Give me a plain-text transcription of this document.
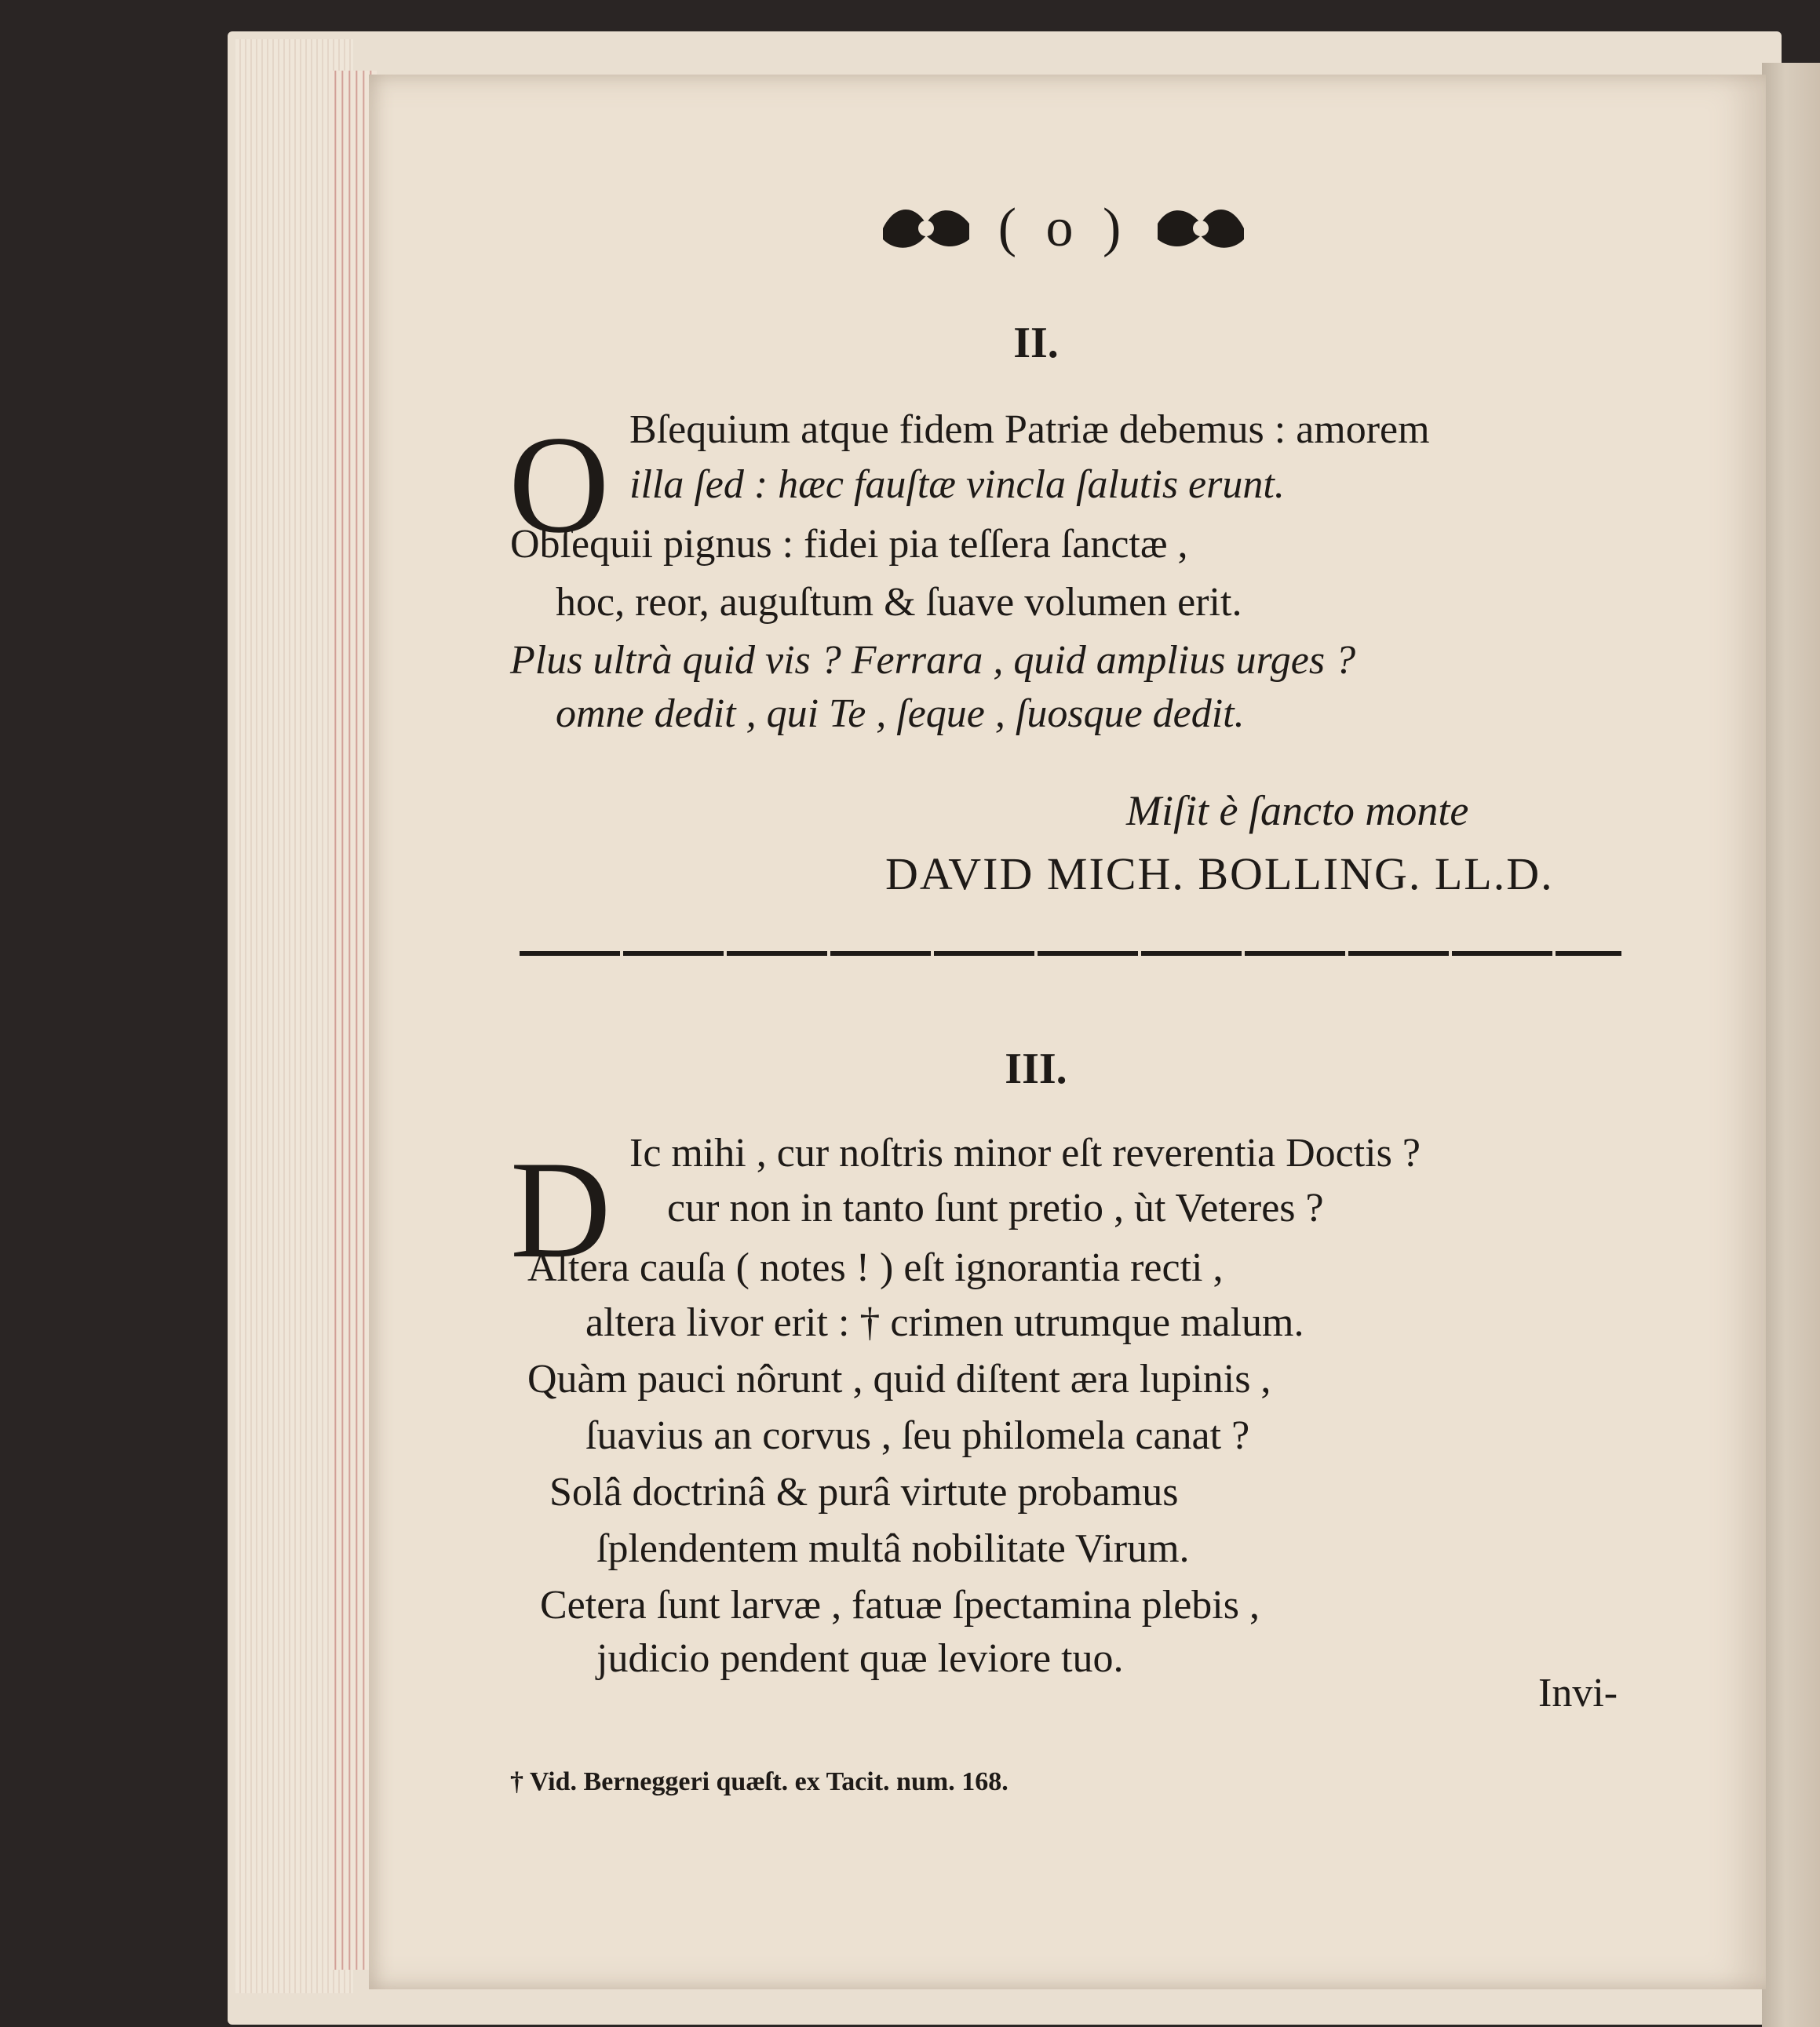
( o )
II.
O Bſequium atque fidem Patriæ debemus : amorem
illa ſed : hæc fauſtæ vincla ſalutis erunt.
Obſequii pignus : fidei pia teſſera ſanctæ ,
hoc, reor, auguſtum & ſuave volumen erit.
Plus ultrà quid vis ? Ferrara , quid amplius urges ?
omne dedit , qui Te , ſeque , ſuosque dedit.
Miſit è ſancto monte
DAVID MICH. BOLLING. LL.D.
III.
D Ic mihi , cur noſtris minor eſt reverentia Doctis ?
cur non in tanto ſunt pretio , ùt Veteres ?
Altera cauſa ( notes ! ) eſt ignorantia recti ,
altera livor erit : † crimen utrumque malum.
Quàm pauci nôrunt , quid diſtent æra lupinis ,
ſuavius an corvus , ſeu philomela canat ?
Solâ doctrinâ & purâ virtute probamus
ſplendentem multâ nobilitate Virum.
Cetera ſunt larvæ , fatuæ ſpectamina plebis ,
judicio pendent quæ leviore tuo.
Invi-
† Vid. Berneggeri quæſt. ex Tacit. num. 168.
